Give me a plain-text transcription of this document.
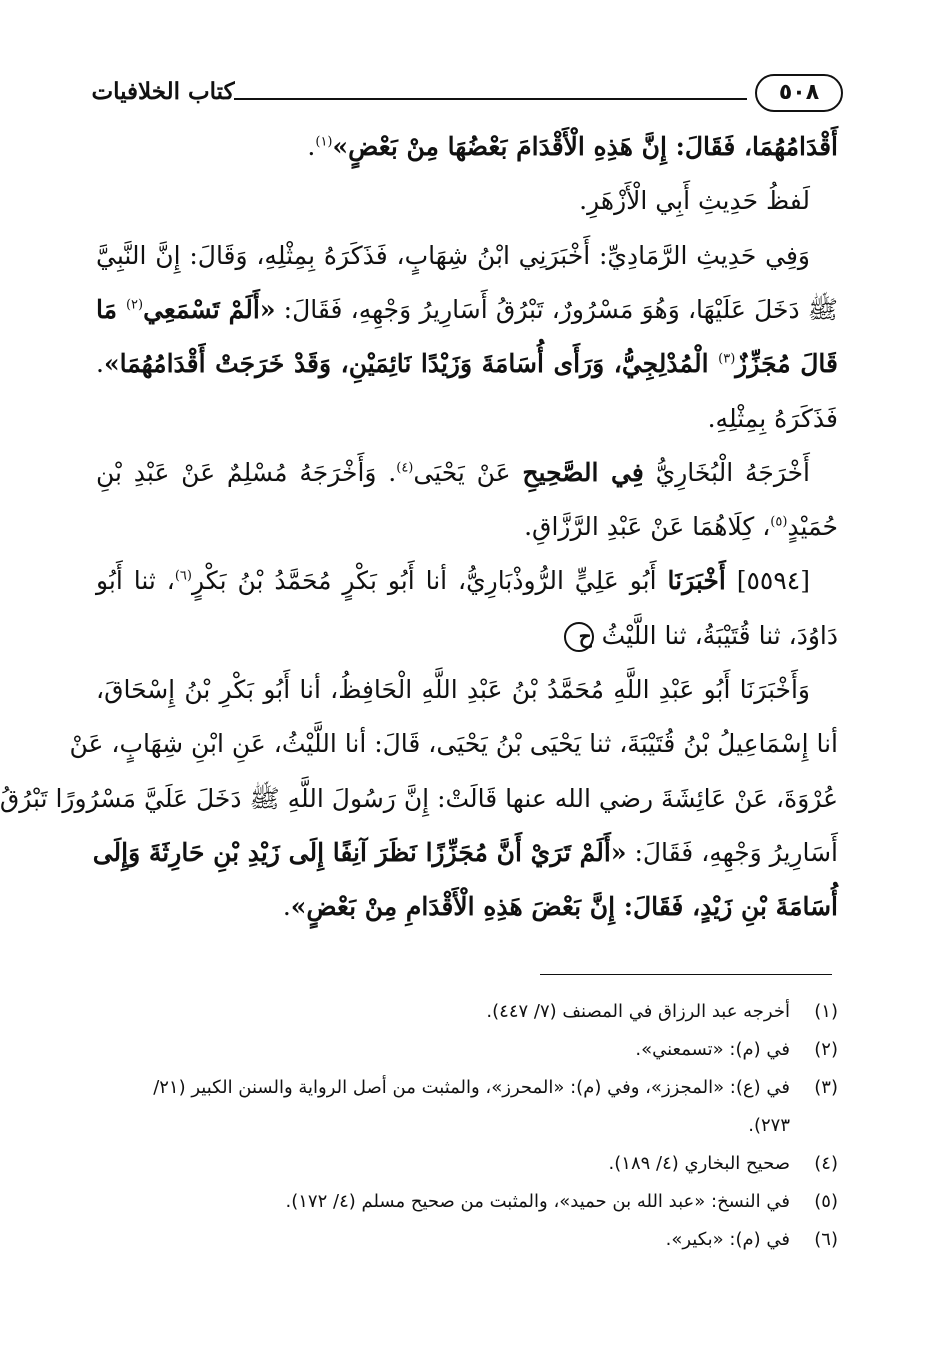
كتاب الخلافيات	٥٠٨
أَقْدَامُهُمَا، فَقَالَ: إِنَّ هَذِهِ الْأَقْدَامَ بَعْضُهَا مِنْ بَعْضٍ»$^{(١)}$.
لَفظُ حَدِيثِ أَبِي الْأَزْهَرِ.
وَفِي حَدِيثِ الرَّمَادِيِّ: أَخْبَرَنِي ابْنُ شِهَابٍ، فَذَكَرَهُ بِمِثْلِهِ، وَقَالَ: إِنَّ النَّبِيَّ
ﷺ دَخَلَ عَلَيْهَا، وَهُوَ مَسْرُورٌ، تَبْرُقُ أَسَارِيرُ وَجْهِهِ، فَقَالَ: «أَلَمْ تَسْمَعِي$^{(٢)}$ مَا
قَالَ مُجَزِّزٌ$^{(٣)}$ الْمُدْلِجِيُّ، وَرَأَى أُسَامَةَ وَزَيْدًا نَائِمَيْنِ، وَقَدْ خَرَجَتْ أَقْدَامُهُمَا».
فَذَكَرَهُ بِمِثْلِهِ.
أَخْرَجَهُ الْبُخَارِيُّ فِي الصَّحِيحِ عَنْ يَحْيَى$^{(٤)}$. وَأَخْرَجَهُ مُسْلِمٌ عَنْ عَبْدِ بْنِ
حُمَيْدٍ$^{(٥)}$، كِلَاهُمَا عَنْ عَبْدِ الرَّزَّاقِ.
[٥٥٩٤] أَخْبَرَنَا أَبُو عَلِيٍّ الرُّوذْبَارِيُّ، أنا أَبُو بَكْرٍ مُحَمَّدُ بْنُ بَكْرٍ$^{(٦)}$، ثنا أَبُو
دَاوُدَ، ثنا قُتَيْبَةُ، ثنا اللَّيْثُ ح
وَأَخْبَرَنَا أَبُو عَبْدِ اللَّهِ مُحَمَّدُ بْنُ عَبْدِ اللَّهِ الْحَافِظُ، أنا أَبُو بَكْرِ بْنُ إِسْحَاقَ،
أنا إِسْمَاعِيلُ بْنُ قُتَيْبَةَ، ثنا يَحْيَى بْنُ يَحْيَى، قَالَ: أنا اللَّيْثُ، عَنِ ابْنِ شِهَابٍ، عَنْ
عُرْوَةَ، عَنْ عَائِشَةَ رضي الله عنها قَالَتْ: إِنَّ رَسُولَ اللَّهِ ﷺ دَخَلَ عَلَيَّ مَسْرُورًا تَبْرُقُ
أَسَارِيرُ وَجْهِهِ، فَقَالَ: «أَلَمْ تَرَيْ أَنَّ مُجَزِّزًا نَظَرَ آنِفًا إِلَى زَيْدِ بْنِ حَارِثَةَ وَإِلَى
أُسَامَةَ بْنِ زَيْدٍ، فَقَالَ: إِنَّ بَعْضَ هَذِهِ الْأَقْدَامِ مِنْ بَعْضٍ».
(١)أخرجه عبد الرزاق في المصنف (٧/ ٤٤٧).
(٢)في (م): «تسمعني».
(٣)في (ع): «المجزز»، وفي (م): «المحرز»، والمثبت من أصل الرواية والسنن الكبير (٢١/
٢٧٣).
(٤)صحيح البخاري (٤/ ١٨٩).
(٥)في النسخ: «عبد الله بن حميد»، والمثبت من صحيح مسلم (٤/ ١٧٢).
(٦)في (م): «بكير».
